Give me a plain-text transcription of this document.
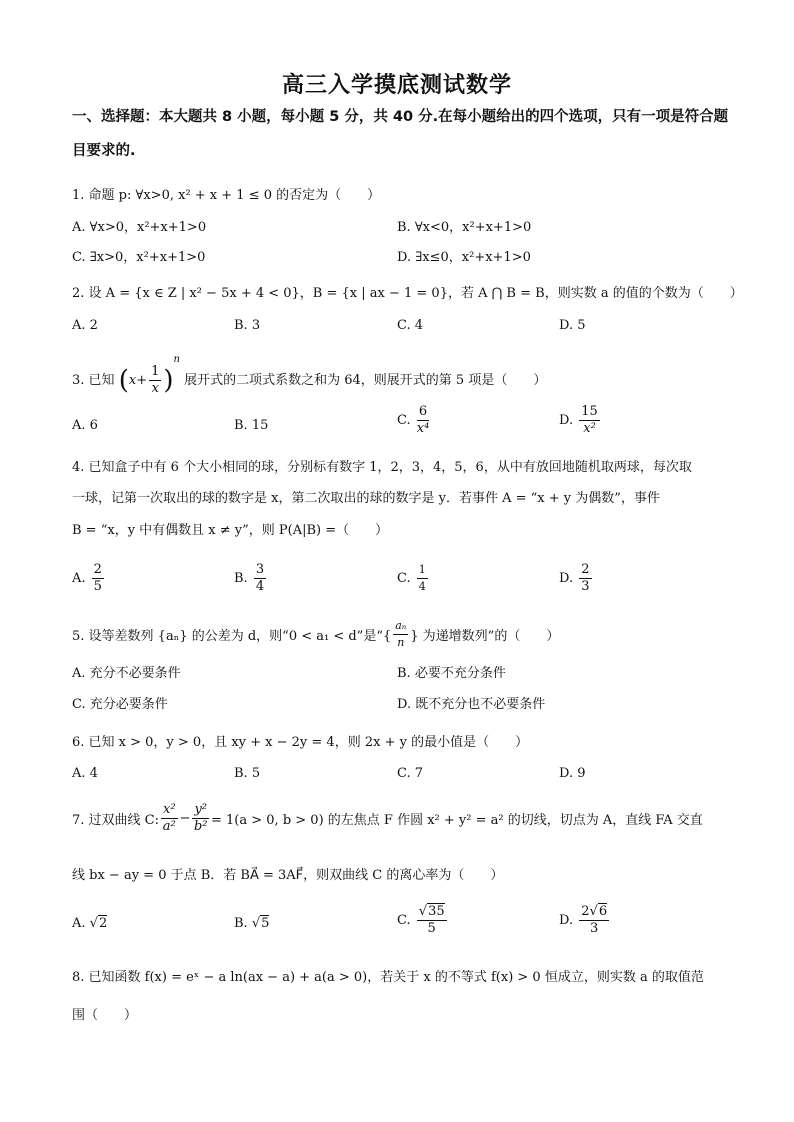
高三入学摸底测试数学
一、选择题：本大题共 8 小题，每小题 5 分，共 40 分.在每小题给出的四个选项，只有一项是符合题目要求的.
1. 命题 p: ∀x>0, x² + x + 1 ≤ 0 的否定为（　　）
A. ∀x>0，x²+x+1>0	B. ∀x<0，x²+x+1>0
C. ∃x>0，x²+x+1>0	D. ∃x≤0，x²+x+1>0
2. 设 A = {x ∈ Z | x² − 5x + 4 < 0}，B = {x | ax − 1 = 0}，若 A ⋂ B = B，则实数 a 的值的个数为（　　）
A. 2	B. 3	C. 4	D. 5
3. 已知 $(x+ \frac{1}{x} )^n$ 展开式的二项式系数之和为 64，则展开式的第 5 项是（　　）
A. 6	B. 15	C. $\frac{6}{\text{x⁴}}$	D. $\frac{15}{\text{x²}}$
4. 已知盒子中有 6 个大小相同的球，分别标有数字 1，2，3，4，5，6，从中有放回地随机取两球，每次取
一球，记第一次取出的球的数字是 x，第二次取出的球的数字是 y．若事件 A = “x + y 为偶数”，事件
B = “x，y 中有偶数且 x ≠ y”，则 P(A|B) =（　　）
A. $\frac{2}{5}$	B. $\frac{3}{4}$	C. $\frac{1}{4}$	D. $\frac{2}{3}$
5. 设等差数列 {aₙ} 的公差为 d，则“0 < a₁ < d”是“{ $\frac{\text{aₙ}}{n}$ } 为递增数列”的（　　）
A. 充分不必要条件	B. 必要不充分条件
C. 充分必要条件	D. 既不充分也不必要条件
6. 已知 x > 0，y > 0，且 xy + x − 2y = 4，则 2x + y 的最小值是（　　）
A. 4	B. 5	C. 7	D. 9
7. 过双曲线 C: $\frac{\text{x²}}{\text{a²}} - \frac{\text{y²}}{\text{b²}} = 1(a > 0$, b > 0) 的左焦点 F 作圆 x² + y² = a² 的切线，切点为 A，直线 FA 交直
线 bx − ay = 0 于点 B．若 BA⃗ = 3AF⃗，则双曲线 C 的离心率为（　　）
A. √2	B. √5	C. $\frac{√35}{5}$	D. $\frac{2√6}{3}$
8. 已知函数 f(x) = eˣ − a ln(ax − a) + a(a > 0)，若关于 x 的不等式 f(x) > 0 恒成立，则实数 a 的取值范
围（　　）
